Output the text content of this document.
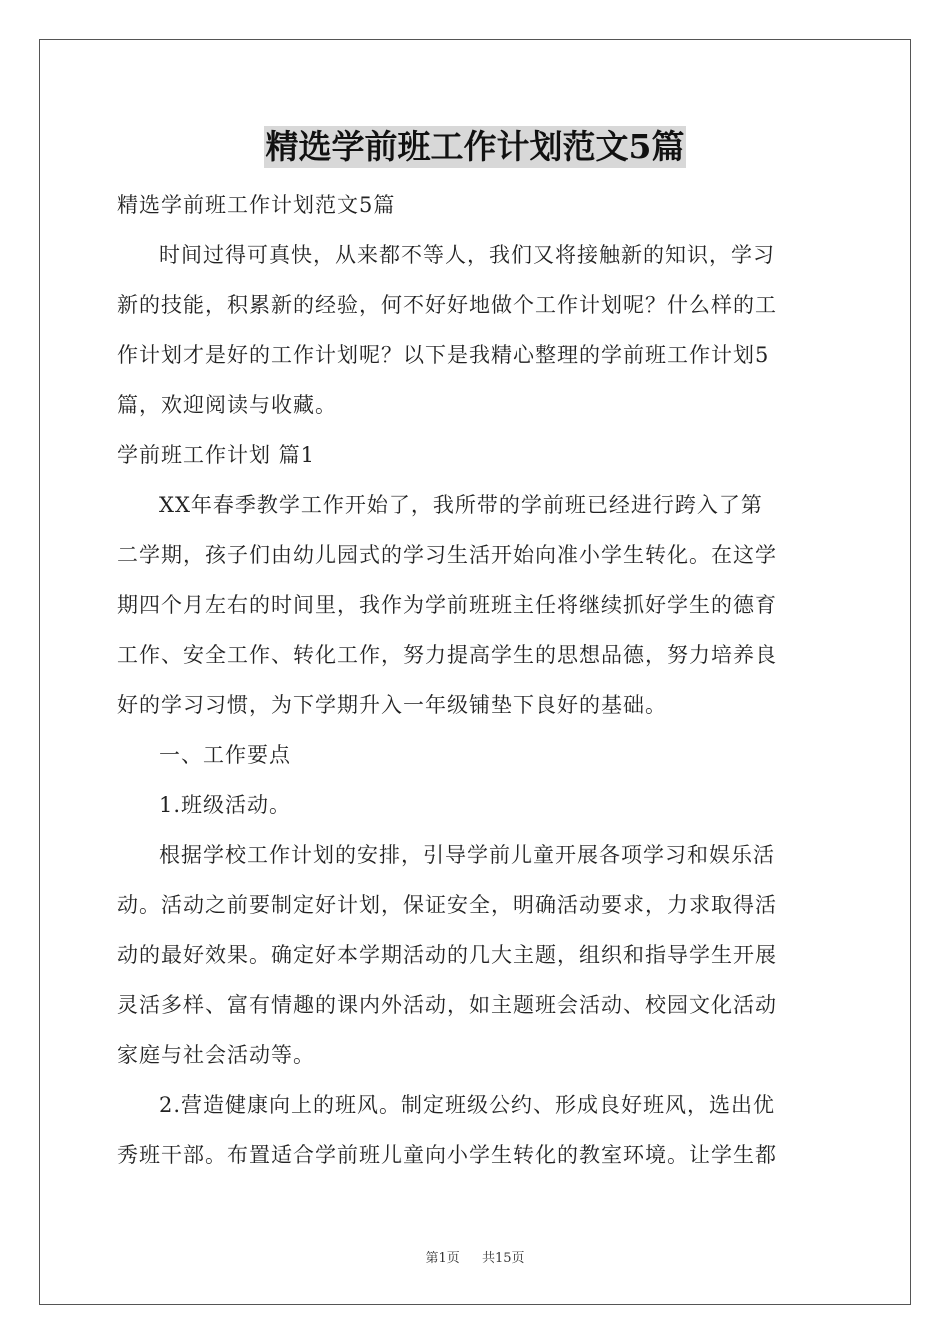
精选学前班工作计划范文5篇
精选学前班工作计划范文5篇
时间过得可真快，从来都不等人，我们又将接触新的知识，学习
新的技能，积累新的经验，何不好好地做个工作计划呢？什么样的工
作计划才是好的工作计划呢？以下是我精心整理的学前班工作计划5
篇，欢迎阅读与收藏。
学前班工作计划 篇1
XX年春季教学工作开始了，我所带的学前班已经进行跨入了第
二学期，孩子们由幼儿园式的学习生活开始向准小学生转化。在这学
期四个月左右的时间里，我作为学前班班主任将继续抓好学生的德育
工作、安全工作、转化工作，努力提高学生的思想品德，努力培养良
好的学习习惯，为下学期升入一年级铺垫下良好的基础。
一、工作要点
1.班级活动。
根据学校工作计划的安排，引导学前儿童开展各项学习和娱乐活
动。活动之前要制定好计划，保证安全，明确活动要求，力求取得活
动的最好效果。确定好本学期活动的几大主题，组织和指导学生开展
灵活多样、富有情趣的课内外活动，如主题班会活动、校园文化活动
家庭与社会活动等。
2.营造健康向上的班风。制定班级公约、形成良好班风，选出优
秀班干部。布置适合学前班儿童向小学生转化的教室环境。让学生都
第1页 共15页
